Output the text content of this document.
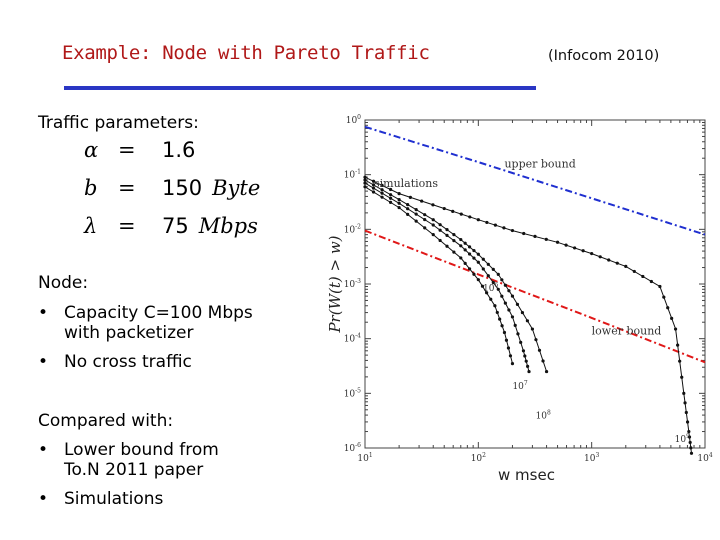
Example: Node with Pareto Traffic	(Infocom 2010)
Traffic parameters:
α = 1.6
b = 150 Byte
λ = 75 Mbps
Node:
• Capacity C=100 Mbps
with packetizer
• No cross traffic
Compared with:
• Lower bound from
To.N 2011 paper
• Simulations
$10^1$	$10^2$	$10^3$	$10^4$
$10^0$
$10^{-1}$
$10^{-2}$
$10^{-3}$
$10^{-4}$
$10^{-5}$
$10^{-6}$
w msec
Pr(W(t) > w)
upper bound
simulations
lower bound
$10^6$
$10^7$
$10^8$
$10^9$
